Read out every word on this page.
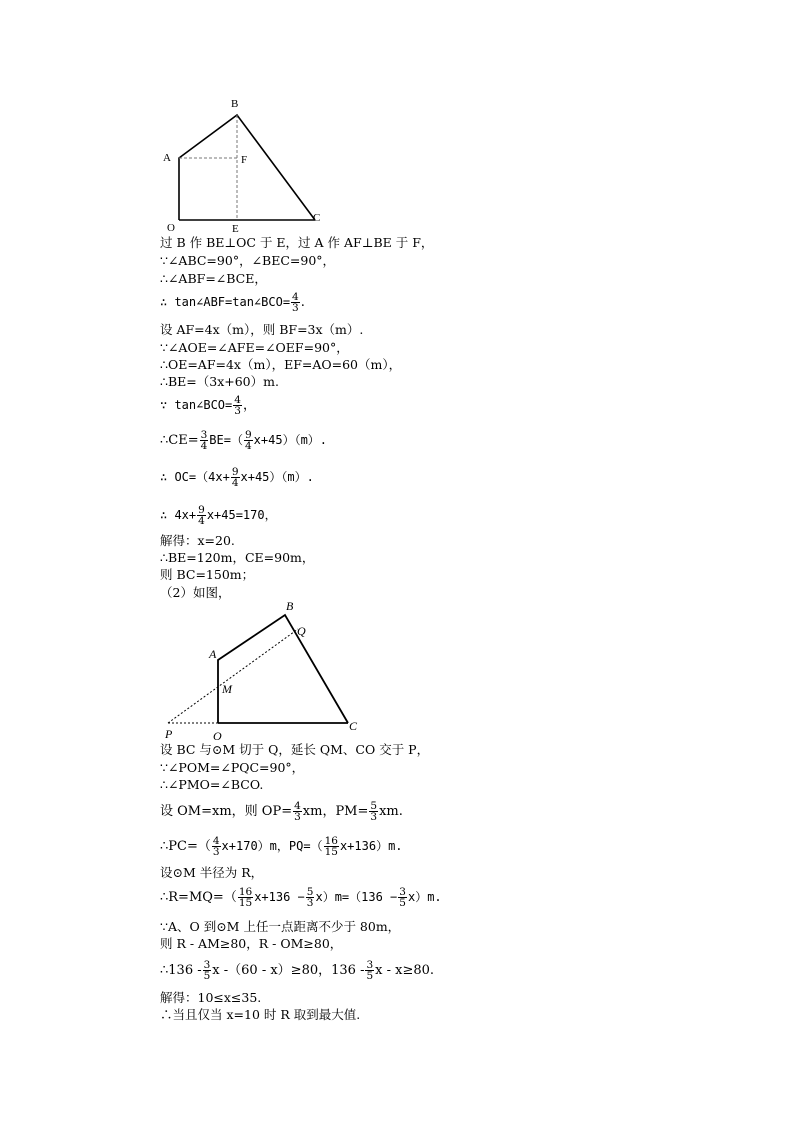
B
A	F
O	E
C
过 B 作 BE⊥OC 于 E，过 A 作 AF⊥BE 于 F，
∵∠ABC=90°，∠BEC=90°，
∴∠ABF=∠BCE，
∴ tan∠ABF=tan∠BCO= $\frac{4}{3}$ .
设 AF=4x（m），则 BF=3x（m）.
∵∠AOE=∠AFE=∠OEF=90°，
∴OE=AF=4x（m），EF=AO=60（m），
∴BE=（3x+60）m.
∵ tan∠BCO= $\frac{4}{3}$ ，
∴CE= $\frac{3}{4} BE=( \frac{9}{4} x+45)(m)$.
∴ $OC=(4x+ \frac{9}{4} x+45)(m)$.
∴ $4x+ \frac{9}{4} x+45=170$，
解得：x=20.
∴BE=120m，CE=90m，
则 BC=150m；
（2）如图，
B
Q
A
M
P	O
C
设 BC 与⊙M 切于 Q，延长 QM、CO 交于 P，
∵∠POM=∠PQC=90°，
∴∠PMO=∠BCO.
设 OM=xm，则 $OP= \frac{4}{3}$ xm，$PM= \frac{5}{3}$ xm.
∴PC=（ $\frac{4}{3} x+170)m$，$PQ=( \frac{16}{15} x+136)m$.
设⊙M 半径为 R，
∴R=MQ=（ $\frac{16}{15} x+136 - \frac{5}{3} x)m=(136 - \frac{3}{5} x)m$.
∵A、O 到⊙M 上任一点距离不少于 80m，
则 R - AM≥80，R - OM≥80，
∴136 - $\frac{3}{5}$ x -（60 - x）≥80，$136 - \frac{3}{5}$ x - x≥80.
解得：10≤x≤35.
∴当且仅当 x=10 时 R 取到最大值.
